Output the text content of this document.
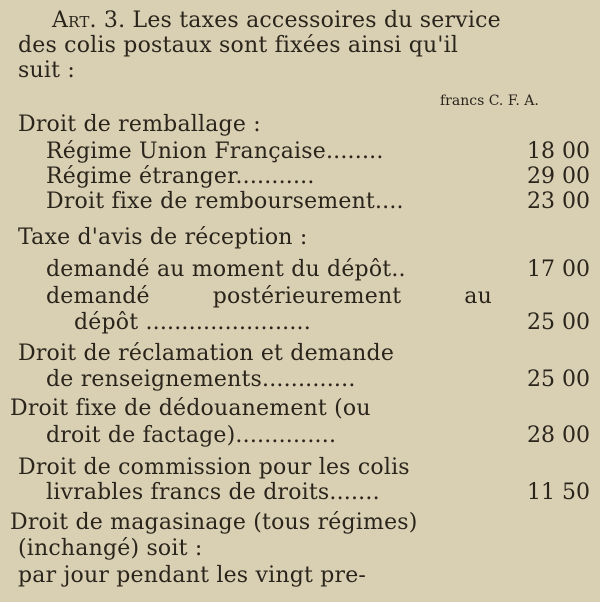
Art. 3. Les taxes accessoires du service
des colis postaux sont fixées ainsi qu'il
suit :
francs C. F. A.
Droit de remballage :
Régime Union Française........	18 00
Régime étranger...........	29 00
Droit fixe de remboursement....	23 00
Taxe d'avis de réception :
demandé au moment du dépôt..	17 00
demandé	postérieurement	au
dépôt .......................	25 00
Droit de réclamation et demande
de renseignements.............	25 00
Droit fixe de dédouanement (ou
droit de factage)..............	28 00
Droit de commission pour les colis
livrables francs de droits.......	11 50
Droit de magasinage (tous régimes)
(inchangé) soit :
par jour pendant les vingt pre-
